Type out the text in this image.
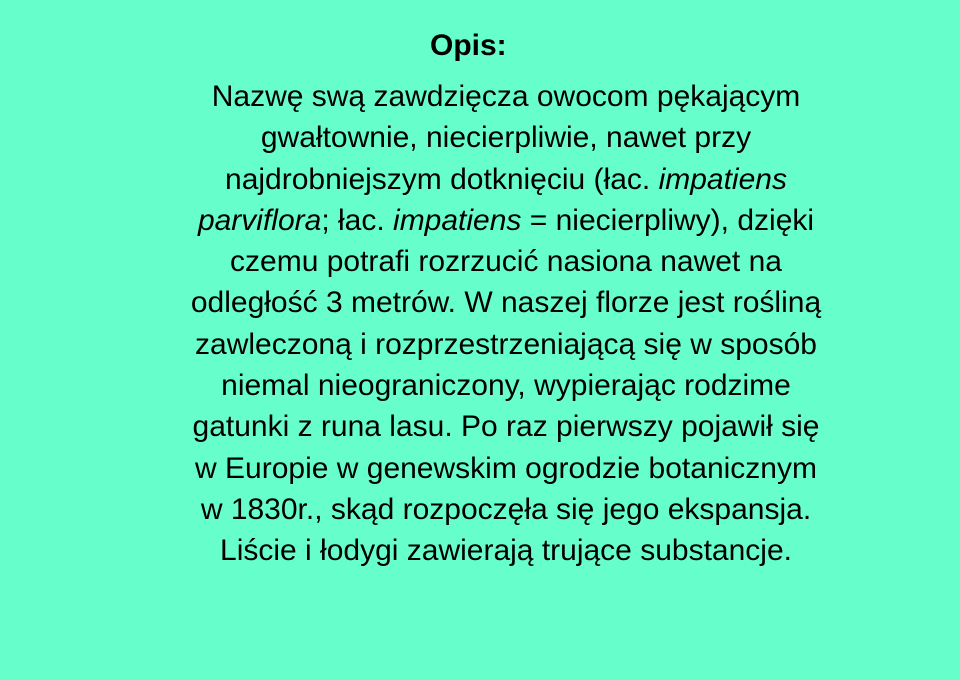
Opis:

Nazwę swą zawdzięcza owocom pękającym
gwałtownie, niecierpliwie, nawet przy
najdrobniejszym dotknięciu (łac. impatiens
parviflora; łac. impatiens = niecierpliwy), dzięki
czemu potrafi rozrzucić nasiona nawet na
odległość 3 metrów. W naszej florze jest rośliną
zawleczoną i rozprzestrzeniającą się w sposób
niemal nieograniczony, wypierając rodzime
gatunki z runa lasu. Po raz pierwszy pojawił się
w Europie w genewskim ogrodzie botanicznym
w 1830r., skąd rozpoczęła się jego ekspansja.
Liście i łodygi zawierają trujące substancje.
